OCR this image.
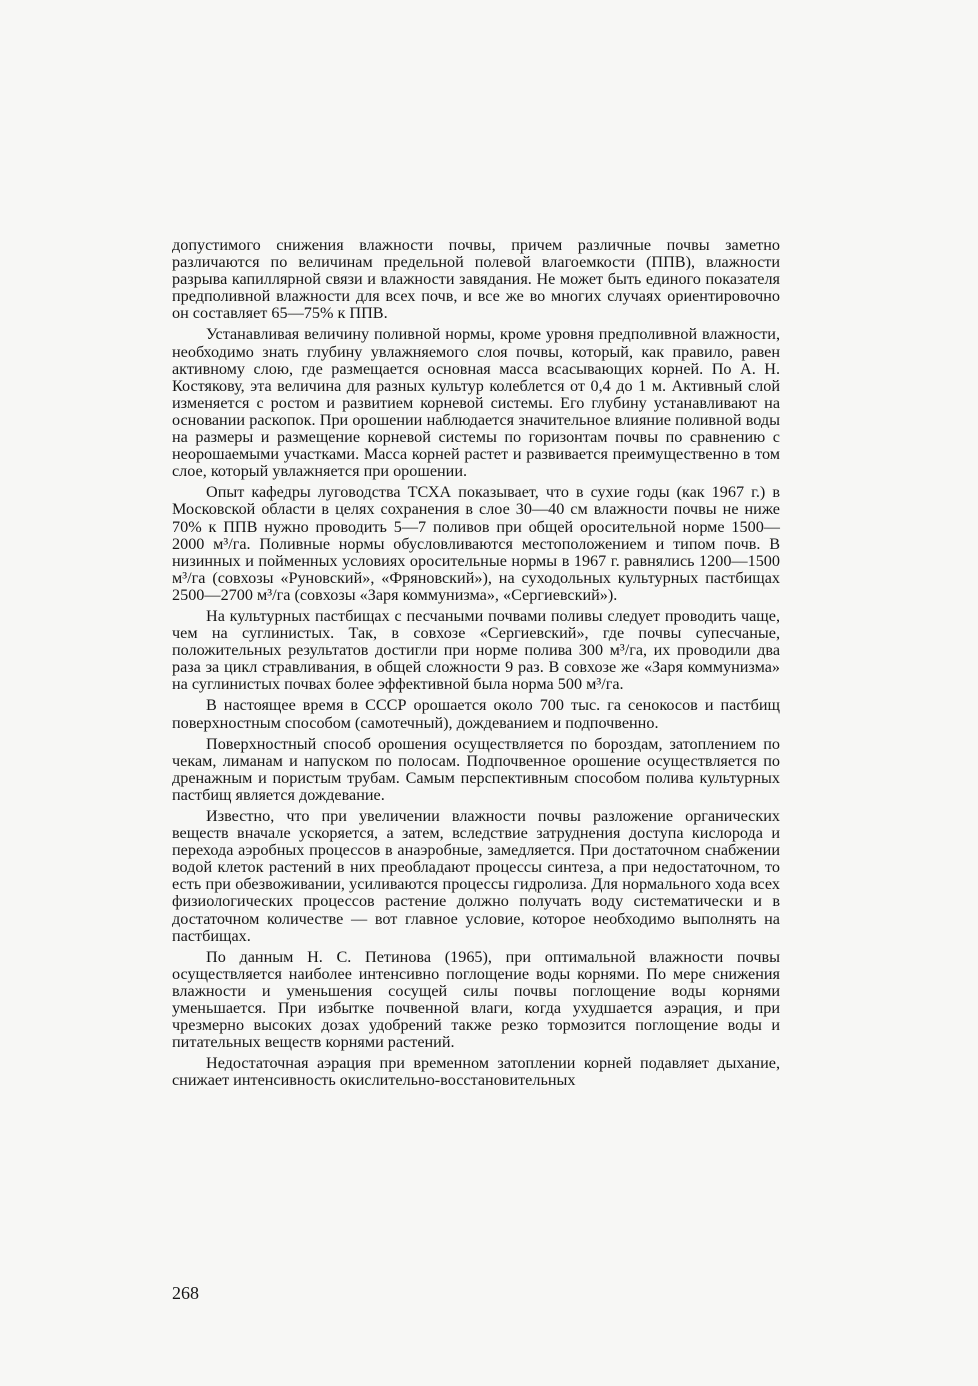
допустимого снижения влажности почвы, причем различные почвы заметно различаются по величинам предельной полевой влагоемкости (ППВ), влажности разрыва капиллярной связи и влажности завядания. Не может быть единого показателя предполивной влажности для всех почв, и все же во многих случаях ориентировочно он составляет 65—75% к ППВ.

Устанавливая величину поливной нормы, кроме уровня предполивной влажности, необходимо знать глубину увлажняемого слоя почвы, который, как правило, равен активному слою, где размещается основная масса всасывающих корней. По А. Н. Костякову, эта величина для разных культур колеблется от 0,4 до 1 м. Активный слой изменяется с ростом и развитием корневой системы. Его глубину устанавливают на основании раскопок. При орошении наблюдается значительное влияние поливной воды на размеры и размещение корневой системы по горизонтам почвы по сравнению с неорошаемыми участками. Масса корней растет и развивается преимущественно в том слое, который увлажняется при орошении.

Опыт кафедры луговодства ТСХА показывает, что в сухие годы (как 1967 г.) в Московской области в целях сохранения в слое 30—40 см влажности почвы не ниже 70% к ППВ нужно проводить 5—7 поливов при общей оросительной норме 1500—2000 м³/га. Поливные нормы обусловливаются местоположением и типом почв. В низинных и пойменных условиях оросительные нормы в 1967 г. равнялись 1200—1500 м³/га (совхозы «Руновский», «Фряновский»), на суходольных культурных пастбищах 2500—2700 м³/га (совхозы «Заря коммунизма», «Сергиевский»).

На культурных пастбищах с песчаными почвами поливы следует проводить чаще, чем на суглинистых. Так, в совхозе «Сергиевский», где почвы супесчаные, положительных результатов достигли при норме полива 300 м³/га, их проводили два раза за цикл стравливания, в общей сложности 9 раз. В совхозе же «Заря коммунизма» на суглинистых почвах более эффективной была норма 500 м³/га.

В настоящее время в СССР орошается около 700 тыс. га сенокосов и пастбищ поверхностным способом (самотечный), дождеванием и подпочвенно.

Поверхностный способ орошения осуществляется по бороздам, затоплением по чекам, лиманам и напуском по полосам. Подпочвенное орошение осуществляется по дренажным и пористым трубам. Самым перспективным способом полива культурных пастбищ является дождевание.

Известно, что при увеличении влажности почвы разложение органических веществ вначале ускоряется, а затем, вследствие затруднения доступа кислорода и перехода аэробных процессов в анаэробные, замедляется. При достаточном снабжении водой клеток растений в них преобладают процессы синтеза, а при недостаточном, то есть при обезвоживании, усиливаются процессы гидролиза. Для нормального хода всех физиологических процессов растение должно получать воду систематически и в достаточном количестве — вот главное условие, которое необходимо выполнять на пастбищах.

По данным Н. С. Петинова (1965), при оптимальной влажности почвы осуществляется наиболее интенсивно поглощение воды корнями. По мере снижения влажности и уменьшения сосущей силы почвы поглощение воды корнями уменьшается. При избытке почвенной влаги, когда ухудшается аэрация, и при чрезмерно высоких дозах удобрений также резко тормозится поглощение воды и питательных веществ корнями растений.

Недостаточная аэрация при временном затоплении корней подавляет дыхание, снижает интенсивность окислительно-восстановительных

268
